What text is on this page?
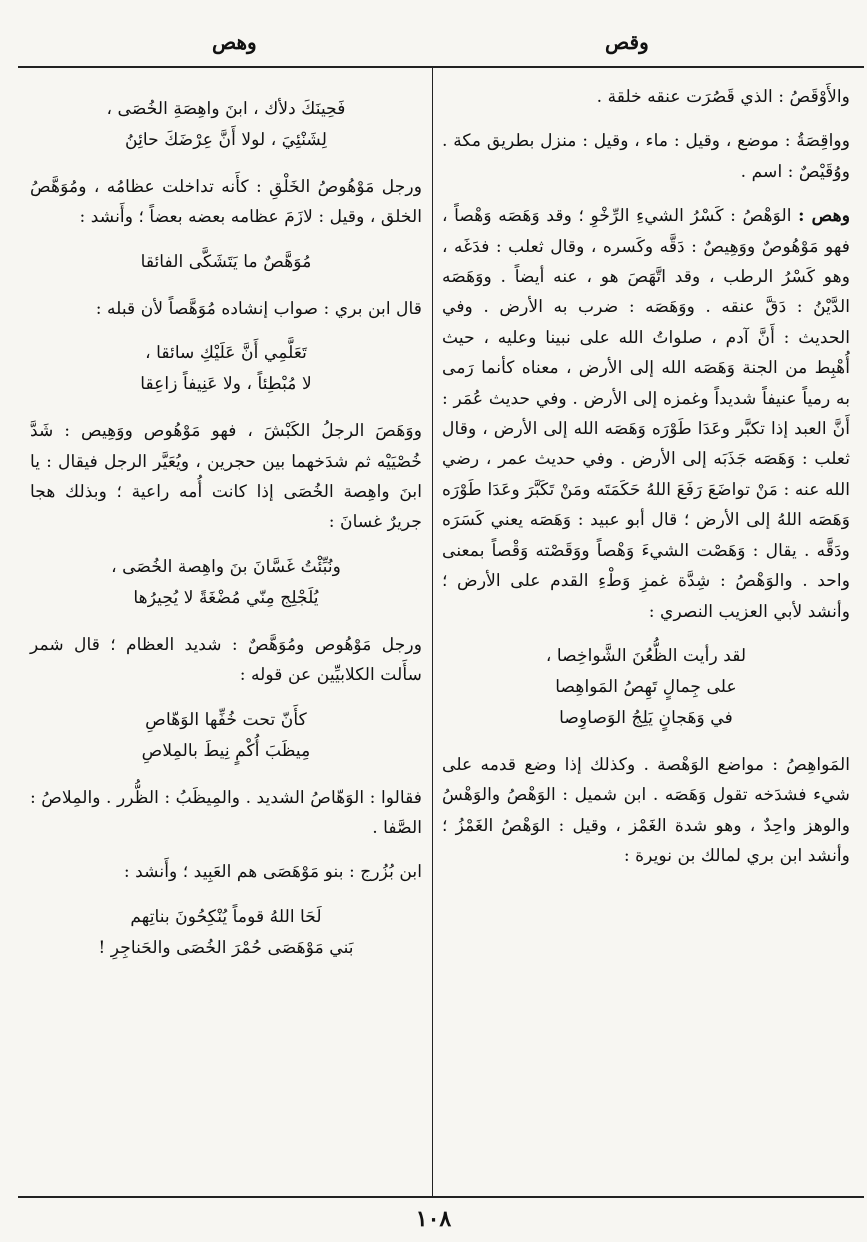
وقص
وهص

والأَوْقَصُ : الذي قَصُرَت عنقه خلقة .

وواقِصَةُ : موضع ، وقيل : ماء ، وقيل : منزل بطريق مكة . ووُقَيْصٌ : اسم .

وهص : الوَهْصُ : كَسْرُ الشيءِ الرِّخْوِ ؛ وقد وَهَصَه وَهْصاً ، فهو مَوْهُوصٌ ووَهِيصٌ : دَقَّه وكَسره ، وقال ثعلب : فدَغَه ، وهو كَسْرُ الرطب ، وقد اتَّهَصَ هو ، عنه أيضاً . ووَهَصَه الدَّيْنُ : دَقَّ عنقه . ووَهَصَه : ضرب به الأرض . وفي الحديث : أَنَّ آدم ، صلواتُ الله على نبينا وعليه ، حيث أُهْبِط من الجنة وَهَصَه الله إلى الأرض ، معناه كأنما رَمى به رمياً عنيفاً شديداً وغمزه إلى الأرض . وفي حديث عُمَر : أَنَّ العبد إذا تكبَّر وعَدَا طَوْرَه وَهَصَه الله إلى الأرض ، وقال ثعلب : وَهَصَه جَذَبَه إلى الأرض . وفي حديث عمر ، رضي الله عنه : مَنْ تواضَعَ رَفَعَ اللهُ حَكَمَتَه ومَنْ تَكَبَّرَ وعَدَا طَوْرَه وَهَصَه اللهُ إلى الأرض ؛ قال أبو عبيد : وَهَصَه يعني كَسَرَه ودَقَّه . يقال : وَهَصْت الشيءَ وَهْصاً ووَقَصْته وَقْصاً بمعنى واحد . والوَهْصُ : شِدَّة غمزِ وَطْءِ القدم على الأرض ؛ وأنشد لأبي العزيب النصري :

لقد رأيت الظُّعُنَ الشَّواخِصا ،
على جِمالٍ تَهِصُ المَواهِصا
في وَهَجانٍ يَلِجُ الوَصاوِصا

المَواهِصُ : مواضع الوَهْصة . وكذلك إذا وضع قدمه على شيء فشدَخه تقول وَهَصَه . ابن شميل : الوَهْصُ والوَهْسُ والوهز واحِدٌ ، وهو شدة الغَمْز ، وقيل : الوَهْصُ الغَمْزُ ؛ وأنشد ابن بري لمالك بن نويرة :

فَحِينَكَ دلأك ، ابنَ واهِصَةِ الخُصَى ،
لِشَنْئِيَ ، لولا أَنَّ عِرْضَكَ حائِنُ

ورجل مَوْهُوصُ الخَلْقِ : كأَنه تداخلت عظامُه ، ومُوَهَّصُ الخلق ، وقيل : لازَمَ عظامه بعضه بعضاً ؛ وأَنشد :

مُوَهَّصٌ ما يَتَشَكَّى الفائقا

قال ابن بري : صواب إنشاده مُوَهَّصاً لأن قبله :

تَعَلَّمِي أَنَّ عَلَيْكِ سائقا ،
لا مُبْطِئاً ، ولا عَنِيفاً زاعِقا

ووَهَصَ الرجلُ الكَبْشَ ، فهو مَوْهُوص ووَهِيص : شَدَّ خُصْيَيْه ثم شدَخهما بين حجرين ، ويُعَيَّر الرجل فيقال : يا ابنَ واهِصة الخُصَى إذا كانت أُمه راعية ؛ وبذلك هجا جريرٌ غسانَ :

ونُبِّئْتُ غَسَّانَ بنَ واهِصة الخُصَى ،
يُلَجْلِج مِنّي مُضْغَةً لا يُحِيرُها

ورجل مَوْهُوص ومُوَهَّصٌ : شديد العظام ؛ قال شمر سأَلت الكلابيِّين عن قوله :

كأَنّ تحت خُفِّها الوَهّاصِ
مِيظَبَ أُكْمٍ نِيطَ بالمِلاصِ

فقالوا : الوَهّاصُ الشديد . والمِيظَبُ : الظُّرر . والمِلاصُ : الصَّفا .

ابن بُزُرج : بنو مَوْهَصَى هم العَبِيد ؛ وأَنشد :

لَحَا اللهُ قوماً يُنْكِحُونَ بناتِهم
بَني مَوْهَصَى حُمْرَ الخُصَى والحَناجِرِ !
١٠٨
